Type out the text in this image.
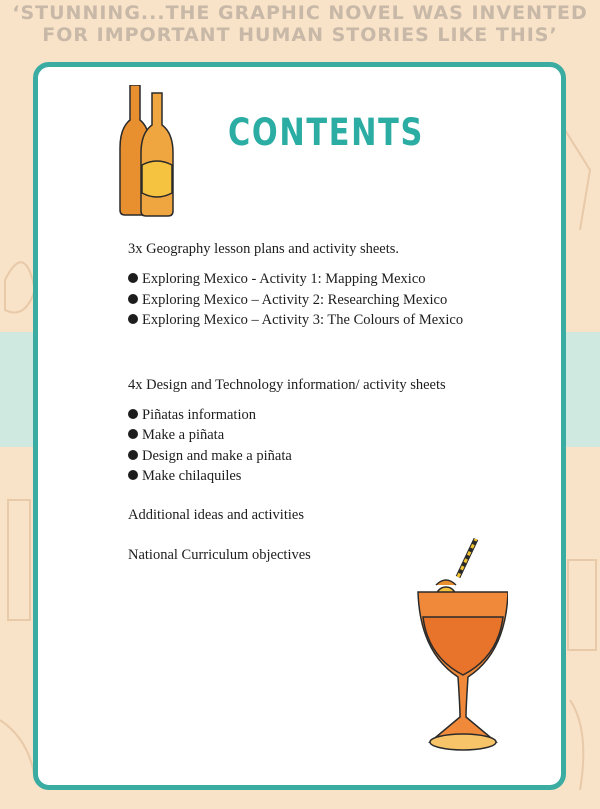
‘STUNNING...THE GRAPHIC NOVEL WAS INVENTED FOR IMPORTANT HUMAN STORIES LIKE THIS’
CONTENTS

3x Geography lesson plans and activity sheets.

Exploring Mexico - Activity 1: Mapping Mexico
Exploring Mexico – Activity 2: Researching Mexico
Exploring Mexico – Activity 3: The Colours of Mexico

4x Design and Technology information/ activity sheets

Piñatas information
Make a piñata
Design and make a piñata
Make chilaquiles

Additional ideas and activities

National Curriculum objectives
